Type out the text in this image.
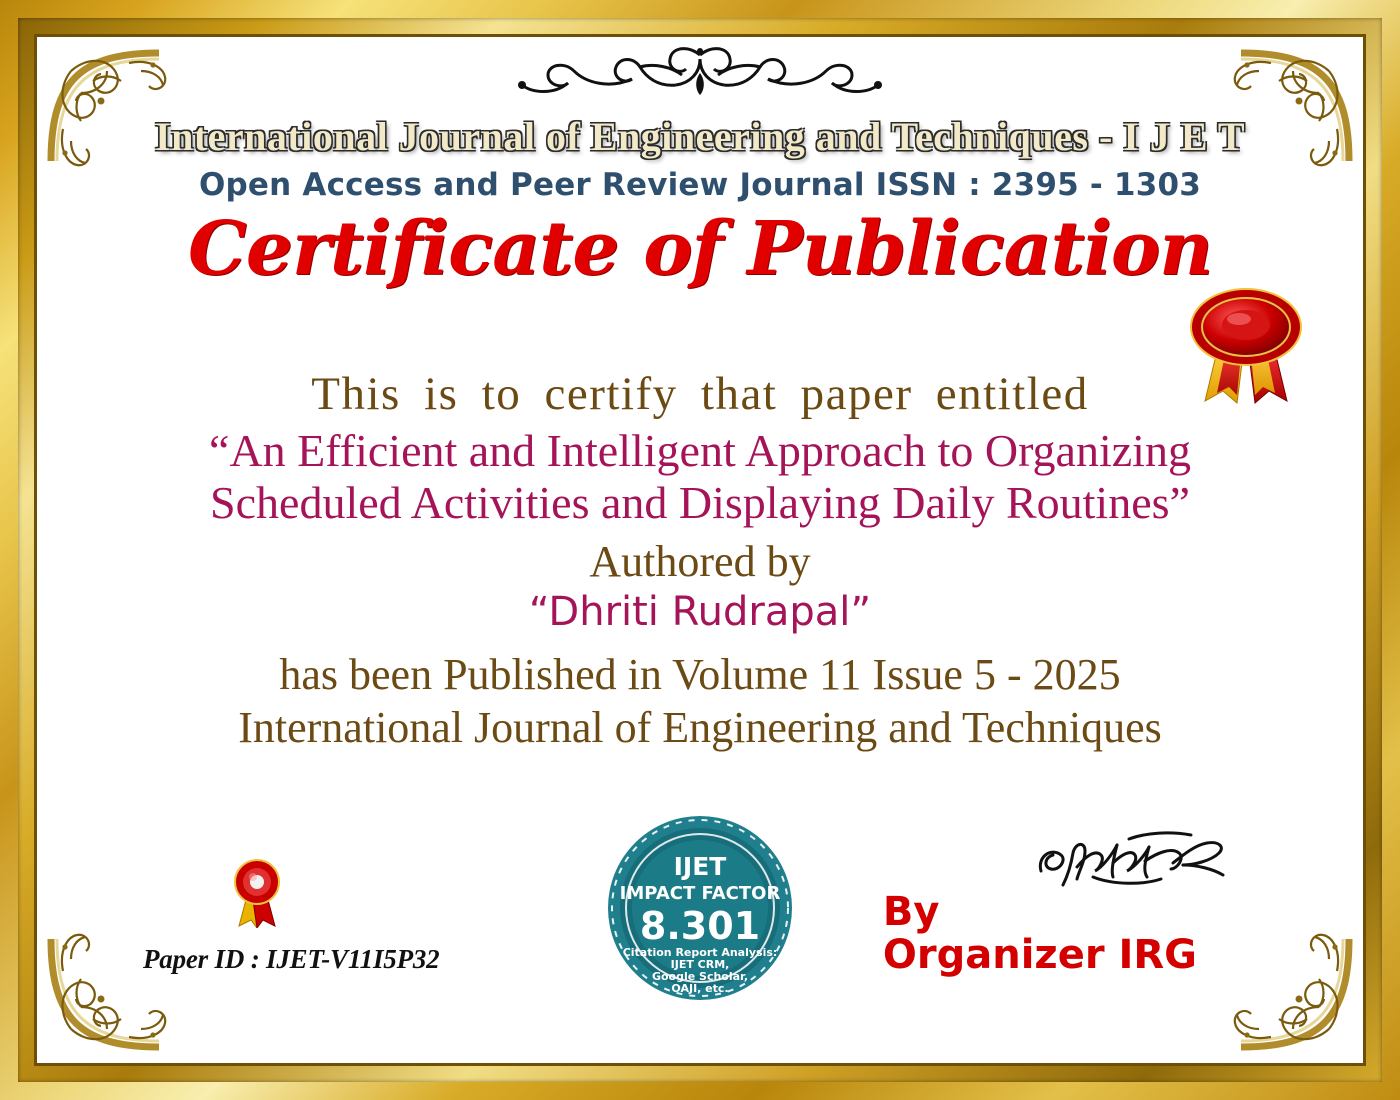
International Journal of Engineering and Techniques - I J E T
Open Access and Peer Review Journal ISSN : 2395 - 1303
Certificate of Publication
This is to certify that paper entitled
“An Efficient and Intelligent Approach to Organizing Scheduled Activities and Displaying Daily Routines”
Authored by
“Dhriti Rudrapal”
has been Published in Volume 11 Issue 5 - 2025
International Journal of Engineering and Techniques
Paper ID : IJET-V11I5P32
IJET
IMPACT FACTOR
8.301
Citation Report Analysis:
IJET CRM,
Google Scholar,
OAJI, etc.
By
Organizer IRG
